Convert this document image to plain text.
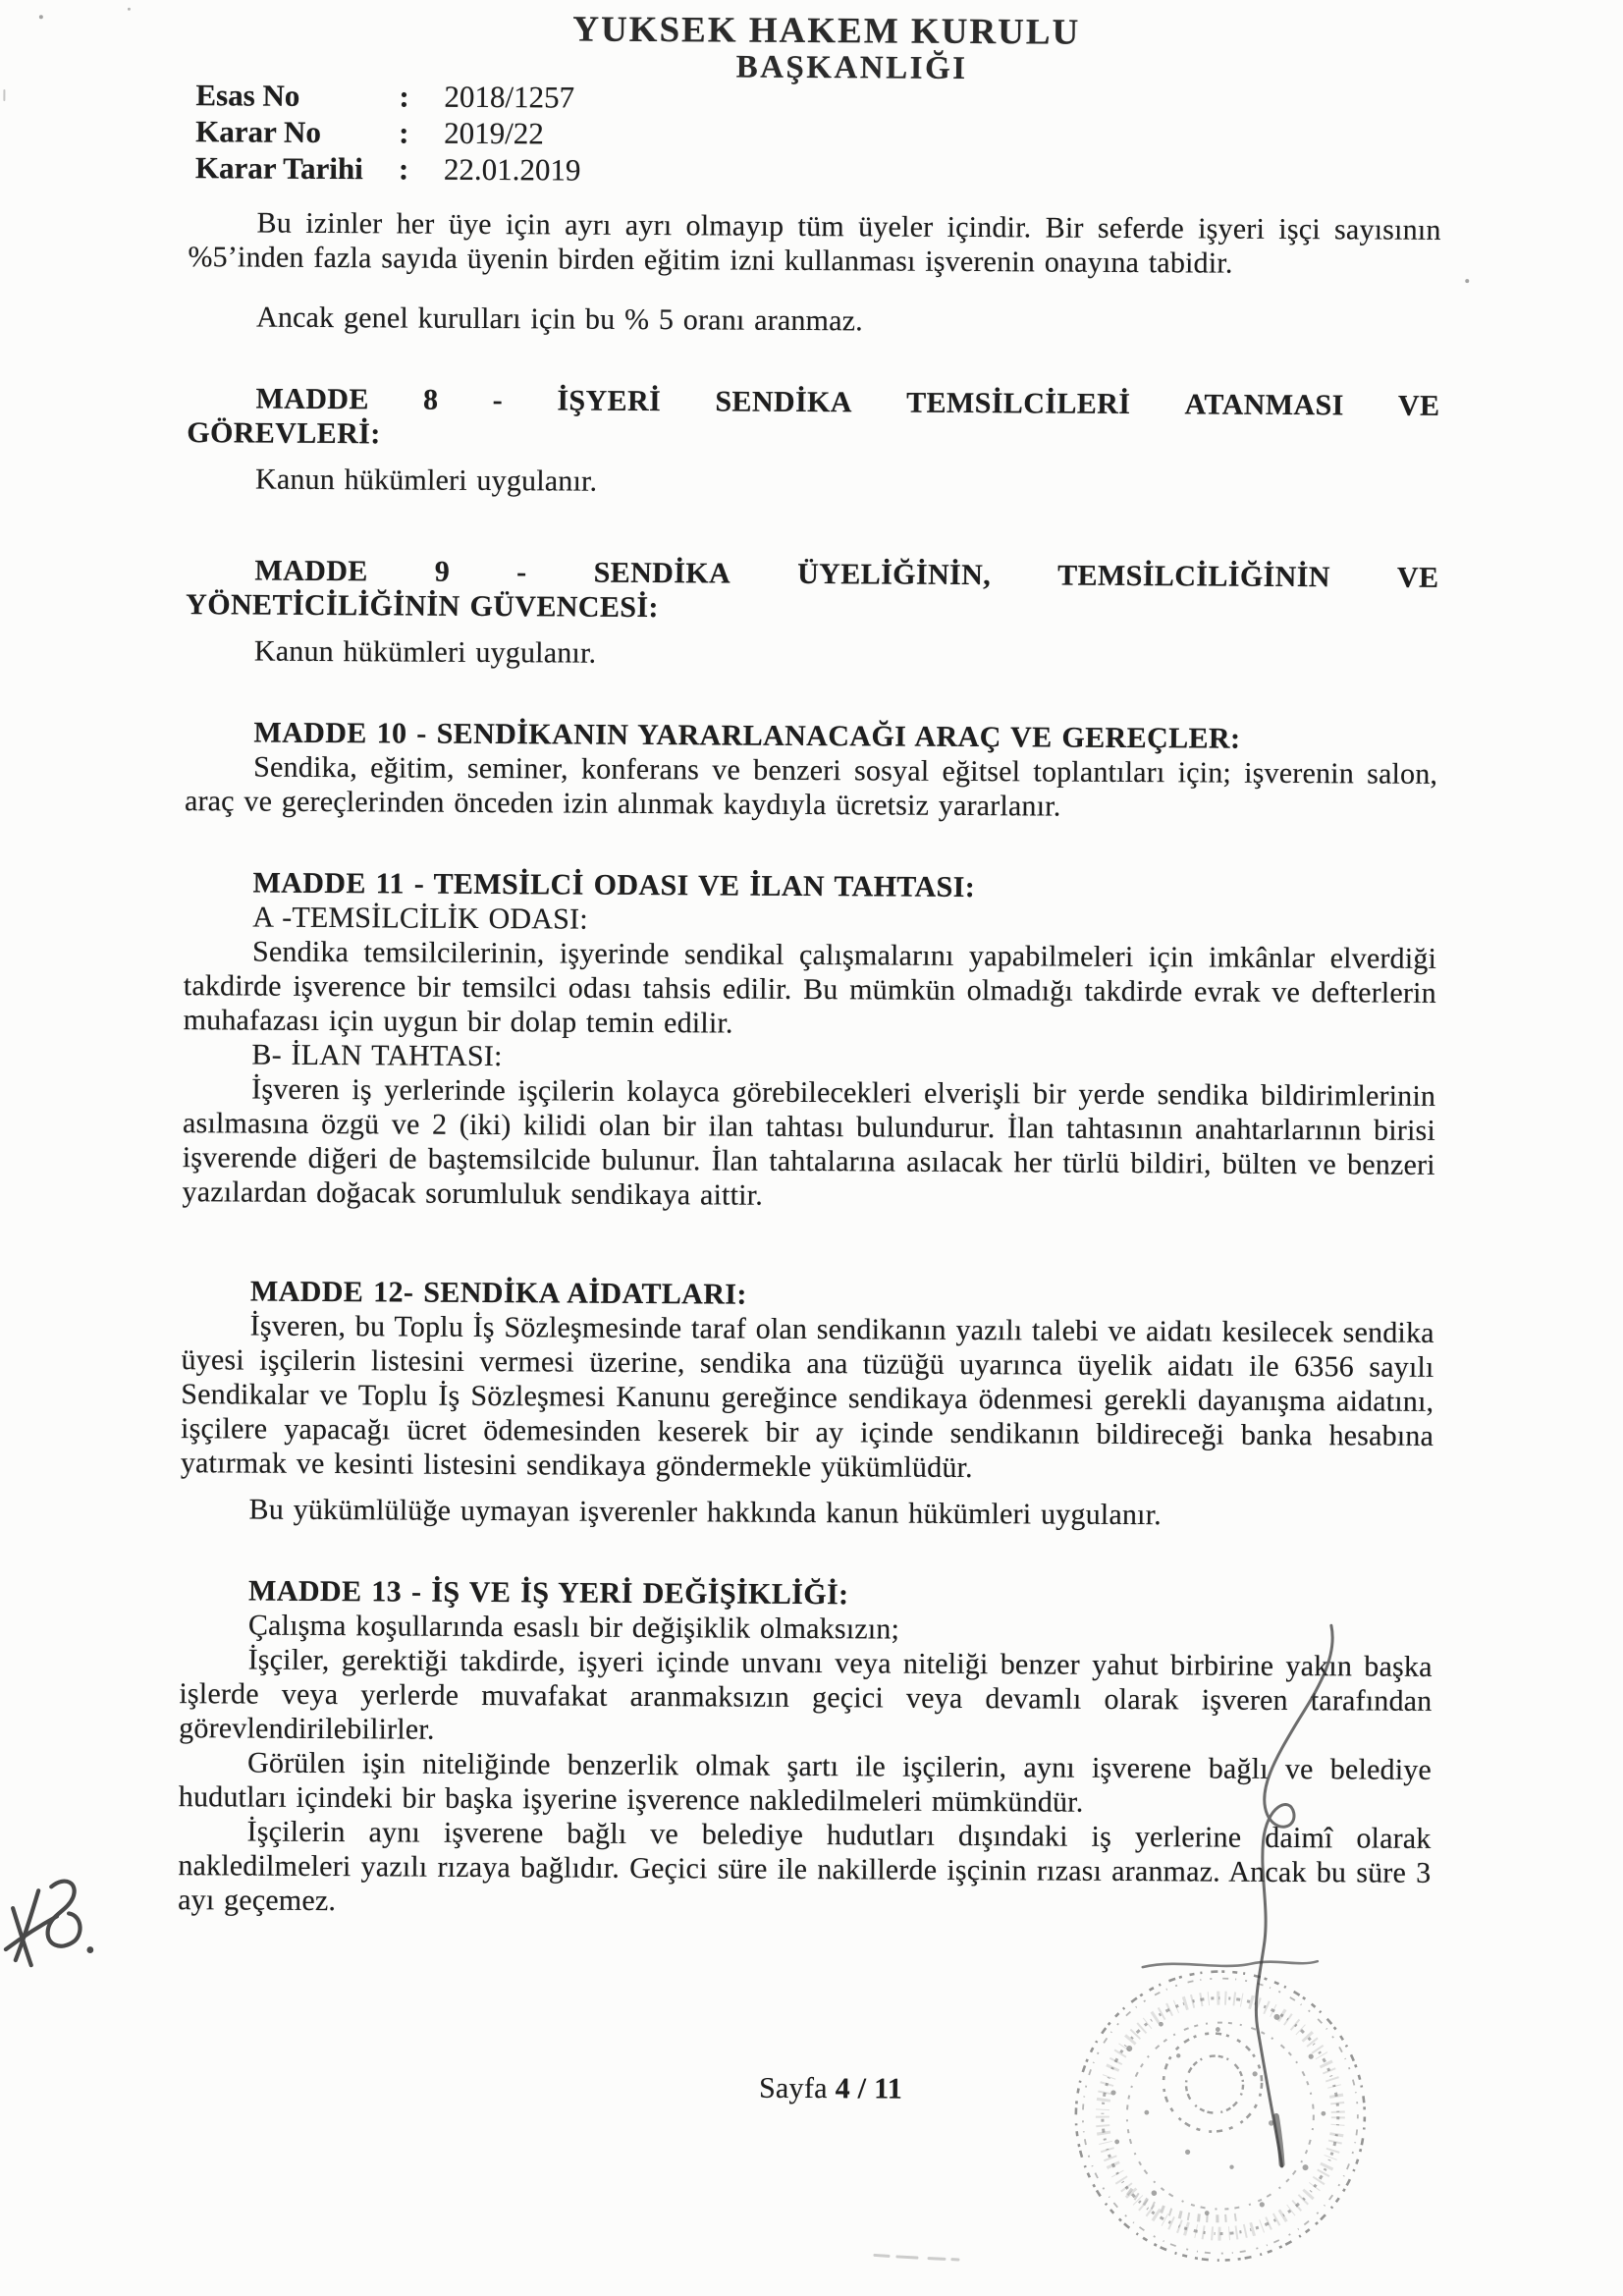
YUKSEK HAKEM KURULU
BAŞKANLIĞI
Esas No	:	2018/1257
Karar No	:	2019/22
Karar Tarihi	:	22.01.2019
Bu izinler her üye için ayrı ayrı olmayıp tüm üyeler içindir. Bir seferde işyeri işçi sayısının %5’inden fazla sayıda üyenin birden eğitim izni kullanması işverenin onayına tabidir.
Ancak genel kurulları için bu % 5 oranı aranmaz.
MADDE 8 - İŞYERİ SENDİKA TEMSİLCİLERİ ATANMASI VE
GÖREVLERİ:
Kanun hükümleri uygulanır.
MADDE 9 - SENDİKA ÜYELİĞİNİN, TEMSİLCİLİĞİNİN VE
YÖNETİCİLİĞİNİN GÜVENCESİ:
Kanun hükümleri uygulanır.
MADDE 10 - SENDİKANIN YARARLANACAĞI ARAÇ VE GEREÇLER:
Sendika, eğitim, seminer, konferans ve benzeri sosyal eğitsel toplantıları için; işverenin salon, araç ve gereçlerinden önceden izin alınmak kaydıyla ücretsiz yararlanır.
MADDE 11 - TEMSİLCİ ODASI VE İLAN TAHTASI:
A -TEMSİLCİLİK ODASI:
Sendika temsilcilerinin, işyerinde sendikal çalışmalarını yapabilmeleri için imkânlar elverdiği takdirde işverence bir temsilci odası tahsis edilir. Bu mümkün olmadığı takdirde evrak ve defterlerin muhafazası için uygun bir dolap temin edilir.
B- İLAN TAHTASI:
İşveren iş yerlerinde işçilerin kolayca görebilecekleri elverişli bir yerde sendika bildirimlerinin asılmasına özgü ve 2 (iki) kilidi olan bir ilan tahtası bulundurur. İlan tahtasının anahtarlarının birisi işverende diğeri de baştemsilcide bulunur. İlan tahtalarına asılacak her türlü bildiri, bülten ve benzeri yazılardan doğacak sorumluluk sendikaya aittir.
MADDE 12- SENDİKA AİDATLARI:
İşveren, bu Toplu İş Sözleşmesinde taraf olan sendikanın yazılı talebi ve aidatı kesilecek sendika üyesi işçilerin listesini vermesi üzerine, sendika ana tüzüğü uyarınca üyelik aidatı ile 6356 sayılı Sendikalar ve Toplu İş Sözleşmesi Kanunu gereğince sendikaya ödenmesi gerekli dayanışma aidatını, işçilere yapacağı ücret ödemesinden keserek bir ay içinde sendikanın bildireceği banka hesabına yatırmak ve kesinti listesini sendikaya göndermekle yükümlüdür.
Bu yükümlülüğe uymayan işverenler hakkında kanun hükümleri uygulanır.
MADDE 13 - İŞ VE İŞ YERİ DEĞİŞİKLİĞİ:
Çalışma koşullarında esaslı bir değişiklik olmaksızın;
İşçiler, gerektiği takdirde, işyeri içinde unvanı veya niteliği benzer yahut birbirine yakın başka işlerde veya yerlerde muvafakat aranmaksızın geçici veya devamlı olarak işveren tarafından görevlendirilebilirler.
Görülen işin niteliğinde benzerlik olmak şartı ile işçilerin, aynı işverene bağlı ve belediye hudutları içindeki bir başka işyerine işverence nakledilmeleri mümkündür.
İşçilerin aynı işverene bağlı ve belediye hudutları dışındaki iş yerlerine daimî olarak nakledilmeleri yazılı rızaya bağlıdır. Geçici süre ile nakillerde işçinin rızası aranmaz. Ancak bu süre 3 ayı geçemez.
Sayfa 4 / 11
